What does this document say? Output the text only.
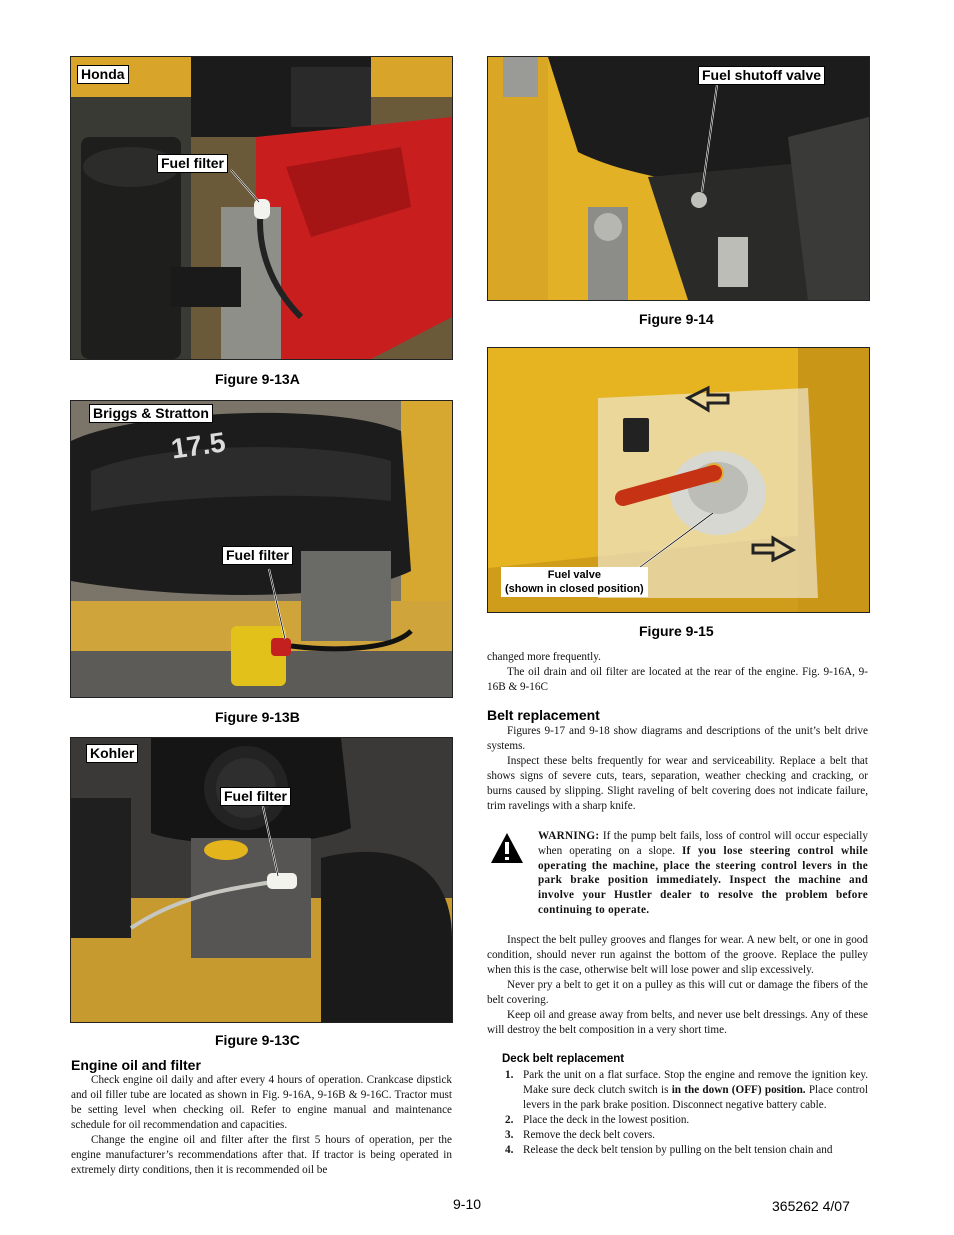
Honda
Fuel filter
Figure 9-13A
17.5
Briggs & Stratton
Fuel filter
Figure 9-13B
Kohler
Fuel filter
Figure 9-13C
Engine oil and filter

Check engine oil daily and after every 4 hours of operation. Crankcase dipstick and oil filler tube are located as shown in Fig. 9-16A, 9-16B & 9-16C. Tractor must be setting level when checking oil. Refer to engine manual and maintenance schedule for oil recommendation and capacities.

Change the engine oil and filter after the first 5 hours of operation, per the engine manufacturer’s recommendations after that. If tractor is being operated in extremely dirty conditions, then it is recommended oil be

Fuel shutoff valve
Figure 9-14
Fuel valve
(shown in closed position)
Figure 9-15
changed more frequently.

The oil drain and oil filter are located at the rear of the engine. Fig. 9-16A, 9-16B & 9-16C

Belt replacement

Figures 9-17 and 9-18 show diagrams and descriptions of the unit’s belt drive systems.

Inspect these belts frequently for wear and serviceability. Replace a belt that shows signs of severe cuts, tears, separation, weather checking and cracking, or burns caused by slipping. Slight raveling of belt covering does not indicate failure, trim ravelings with a sharp knife.

WARNING: If the pump belt fails, loss of control will occur especially when operating on a slope. If you lose steering control while operating the machine, place the steering control levers in the park brake position immediately. Inspect the machine and involve your Hustler dealer to resolve the problem before continuing to operate.

Inspect the belt pulley grooves and flanges for wear. A new belt, or one in good condition, should never run against the bottom of the groove. Replace the pulley when this is the case, otherwise belt will lose power and slip excessively.

Never pry a belt to get it on a pulley as this will cut or damage the fibers of the belt covering.

Keep oil and grease away from belts, and never use belt dressings. Any of these will destroy the belt composition in a very short time.

Deck belt replacement
1. Park the unit on a flat surface. Stop the engine and remove the ignition key. Make sure deck clutch switch is in the down (OFF) position. Place control levers in the park brake position. Disconnect negative battery cable.
2. Place the deck in the lowest position.
3. Remove the deck belt covers.
4. Release the deck belt tension by pulling on the belt tension chain and
9-10	365262 4/07
